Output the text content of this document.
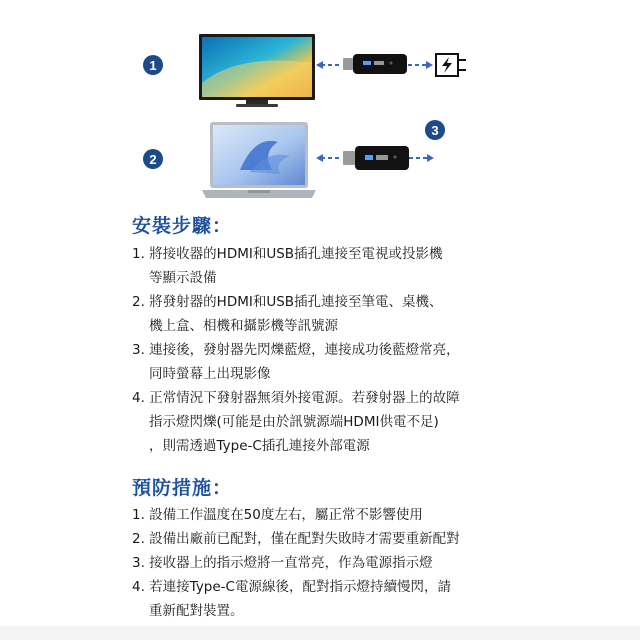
1
2
3
安裝步驟：
1. 將接收器的HDMI和USB插孔連接至電視或投影機
等顯示設備
2. 將發射器的HDMI和USB插孔連接至筆電、桌機、
機上盒、相機和攝影機等訊號源
3. 連接後，發射器先閃爍藍燈，連接成功後藍燈常亮，
同時螢幕上出現影像
4. 正常情況下發射器無須外接電源。若發射器上的故障
指示燈閃爍(可能是由於訊號源端HDMI供電不足)
，則需透過Type-C插孔連接外部電源
預防措施：
1. 設備工作溫度在50度左右，屬正常不影響使用
2. 設備出廠前已配對，僅在配對失敗時才需要重新配對
3. 接收器上的指示燈將一直常亮，作為電源指示燈
4. 若連接Type-C電源線後，配對指示燈持續慢閃，請
重新配對裝置。
